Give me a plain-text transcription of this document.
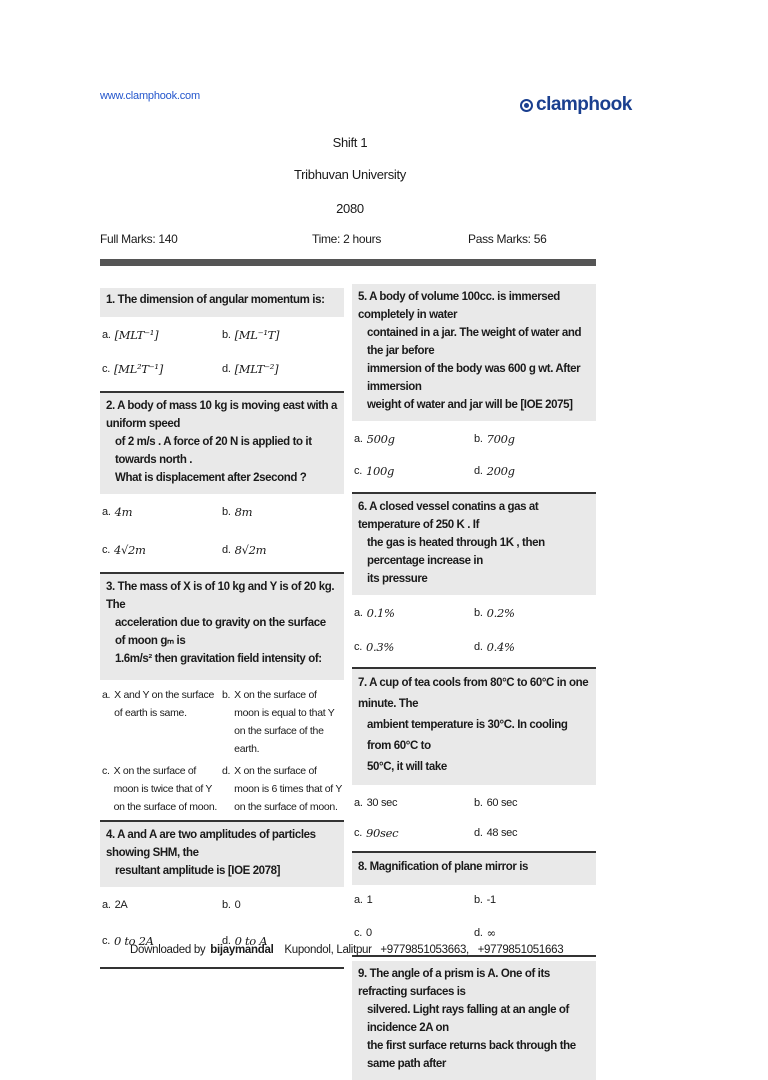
www.clamphook.com	clamphook
Shift 1
Tribhuvan University
2080
Full Marks: 140	Time: 2 hours	Pass Marks: 56
1. The dimension of angular momentum is:
a. [MLT⁻¹]	b. [ML⁻¹T]
c. [ML²T⁻¹]	d. [MLT⁻²]
2. A body of mass 10 kg is moving east with a uniform speed
of 2 m/s . A force of 20 N is applied to it towards north .
What is displacement after 2second ?
a. 4m	b. 8m
c. 4√2m	d. 8√2m
3. The mass of X is of 10 kg and Y is of 20 kg. The
acceleration due to gravity on the surface of moon gₘ is
1.6m/s² then gravitation field intensity of:
a. X and Y on the surface of earth is same.
b. X on the surface of moon is equal to that Y on the surface of the earth.
c. X on the surface of moon is twice that of Y on the surface of moon.
d. X on the surface of moon is 6 times that of Y on the surface of moon.
4. A and A are two amplitudes of particles showing SHM, the
resultant amplitude is [IOE 2078]
a. 2A	b. 0
c. 0 to 2A	d. 0 to A
5. A body of volume 100cc. is immersed completely in water
contained in a jar. The weight of water and the jar before
immersion of the body was 600 g wt. After immersion
weight of water and jar will be [IOE 2075]
a. 500g	b. 700g
c. 100g	d. 200g
6. A closed vessel conatins a gas at temperature of 250 K . If
the gas is heated through 1K , then percentage increase in
its pressure
a. 0.1%	b. 0.2%
c. 0.3%	d. 0.4%
7. A cup of tea cools from 80°C to 60°C in one minute. The
ambient temperature is 30°C. In cooling from 60°C to
50°C, it will take
a. 30 sec	b. 60 sec
c. 90sec	d. 48 sec
8. Magnification of plane mirror is
a. 1	b. -1
c. 0	d. ∞
9. The angle of a prism is A. One of its refracting surfaces is
silvered. Light rays falling at an angle of incidence 2A on
the first surface returns back through the same path after
Downloaded by bijaymandal Kupondol, Lalitpur +9779851053663, +9779851051663
